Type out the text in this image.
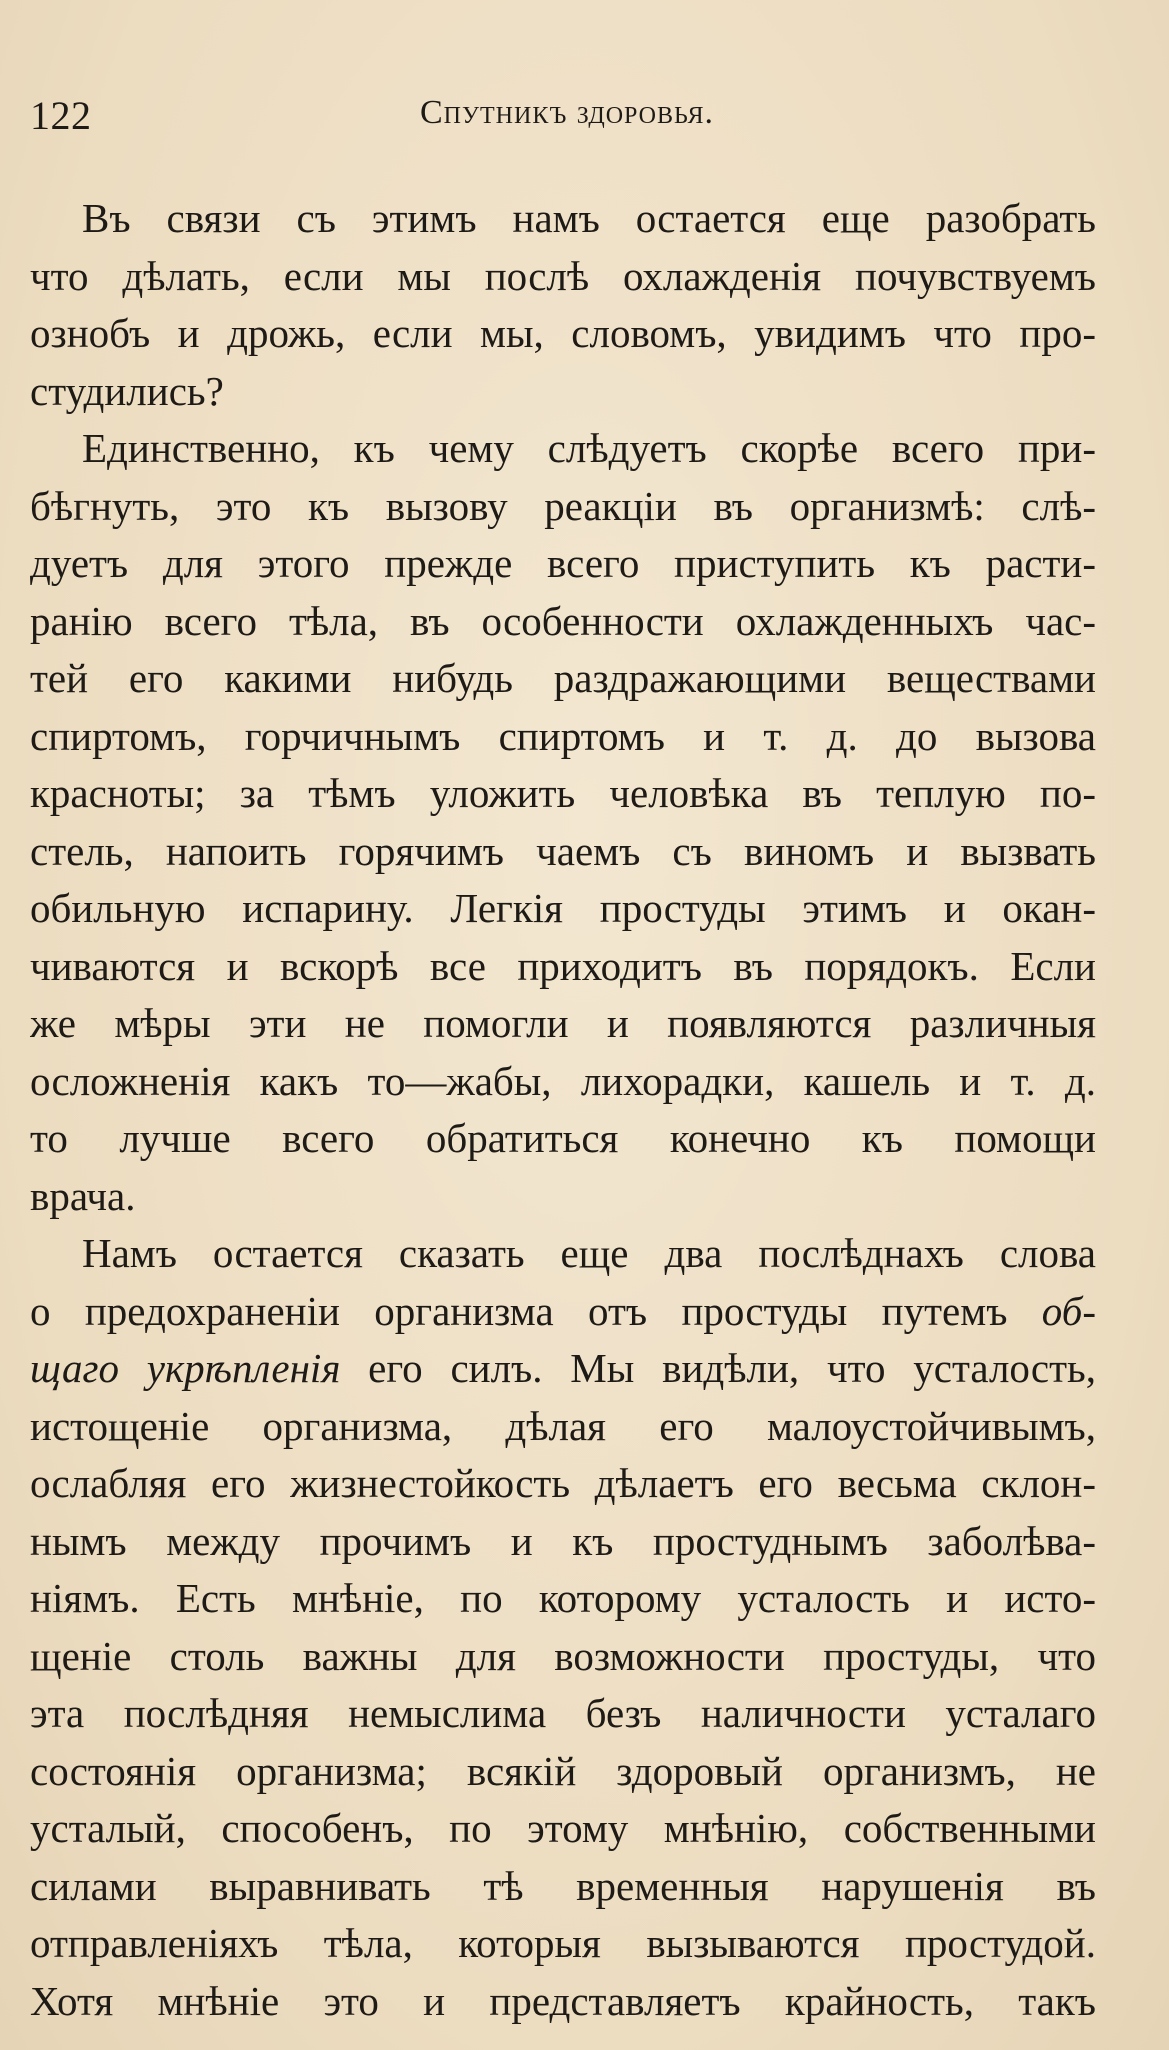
122	Спутникъ здоровья.
Въ связи съ этимъ намъ остается еще разобрать
что дѣлать, если мы послѣ охлажденія почувствуемъ
ознобъ и дрожь, если мы, словомъ, увидимъ что про-
студились?
Единственно, къ чему слѣдуетъ скорѣе всего при-
бѣгнуть, это къ вызову реакціи въ организмѣ: слѣ-
дуетъ для этого прежде всего приступить къ расти-
ранію всего тѣла, въ особенности охлажденныхъ час-
тей его какими нибудь раздражающими веществами
спиртомъ, горчичнымъ спиртомъ и т. д. до вызова
красноты; за тѣмъ уложить человѣка въ теплую по-
стель, напоить горячимъ чаемъ съ виномъ и вызвать
обильную испарину. Легкія простуды этимъ и окан-
чиваются и вскорѣ все приходитъ въ порядокъ. Если
же мѣры эти не помогли и появляются различныя
осложненія какъ то—жабы, лихорадки, кашель и т. д.
то лучше всего обратиться конечно къ помощи
врача.
Намъ остается сказать еще два послѣднахъ слова
о предохраненіи организма отъ простуды путемъ об-
щаго укрѣпленія его силъ. Мы видѣли, что усталость,
истощеніе организма, дѣлая его малоустойчивымъ,
ослабляя его жизнестойкость дѣлаетъ его весьма склон-
нымъ между прочимъ и къ простуднымъ заболѣва-
ніямъ. Есть мнѣніе, по которому усталость и исто-
щеніе столь важны для возможности простуды, что
эта послѣдняя немыслима безъ наличности усталаго
состоянія организма; всякій здоровый организмъ, не
усталый, способенъ, по этому мнѣнію, собственными
силами выравнивать тѣ временныя нарушенія въ
отправленіяхъ тѣла, которыя вызываются простудой.
Хотя мнѣніе это и представляетъ крайность, такъ
